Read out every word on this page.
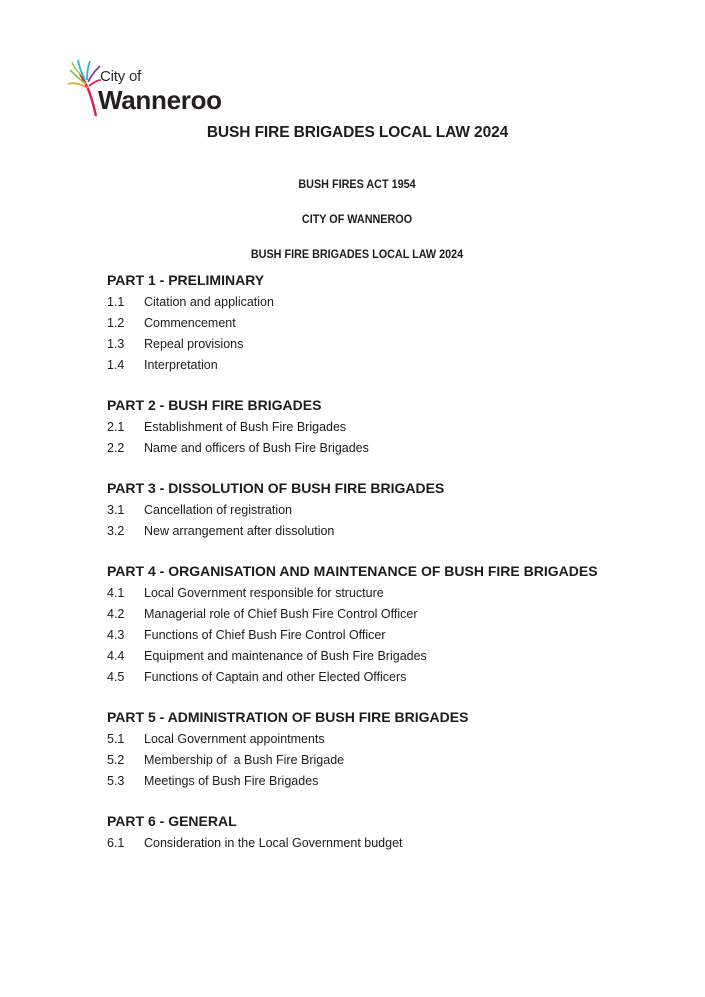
City of
Wanneroo
BUSH FIRE BRIGADES LOCAL LAW 2024
BUSH FIRES ACT 1954
CITY OF WANNEROO
BUSH FIRE BRIGADES LOCAL LAW 2024
PART 1 - PRELIMINARY
1.1	Citation and application
1.2	Commencement
1.3	Repeal provisions
1.4	Interpretation
PART 2 - BUSH FIRE BRIGADES
2.1	Establishment of Bush Fire Brigades
2.2	Name and officers of Bush Fire Brigades
PART 3 - DISSOLUTION OF BUSH FIRE BRIGADES
3.1	Cancellation of registration
3.2	New arrangement after dissolution
PART 4 - ORGANISATION AND MAINTENANCE OF BUSH FIRE BRIGADES
4.1	Local Government responsible for structure
4.2	Managerial role of Chief Bush Fire Control Officer
4.3	Functions of Chief Bush Fire Control Officer
4.4	Equipment and maintenance of Bush Fire Brigades
4.5	Functions of Captain and other Elected Officers
PART 5 - ADMINISTRATION OF BUSH FIRE BRIGADES
5.1	Local Government appointments
5.2	Membership of  a Bush Fire Brigade
5.3	Meetings of Bush Fire Brigades
PART 6 - GENERAL
6.1	Consideration in the Local Government budget
